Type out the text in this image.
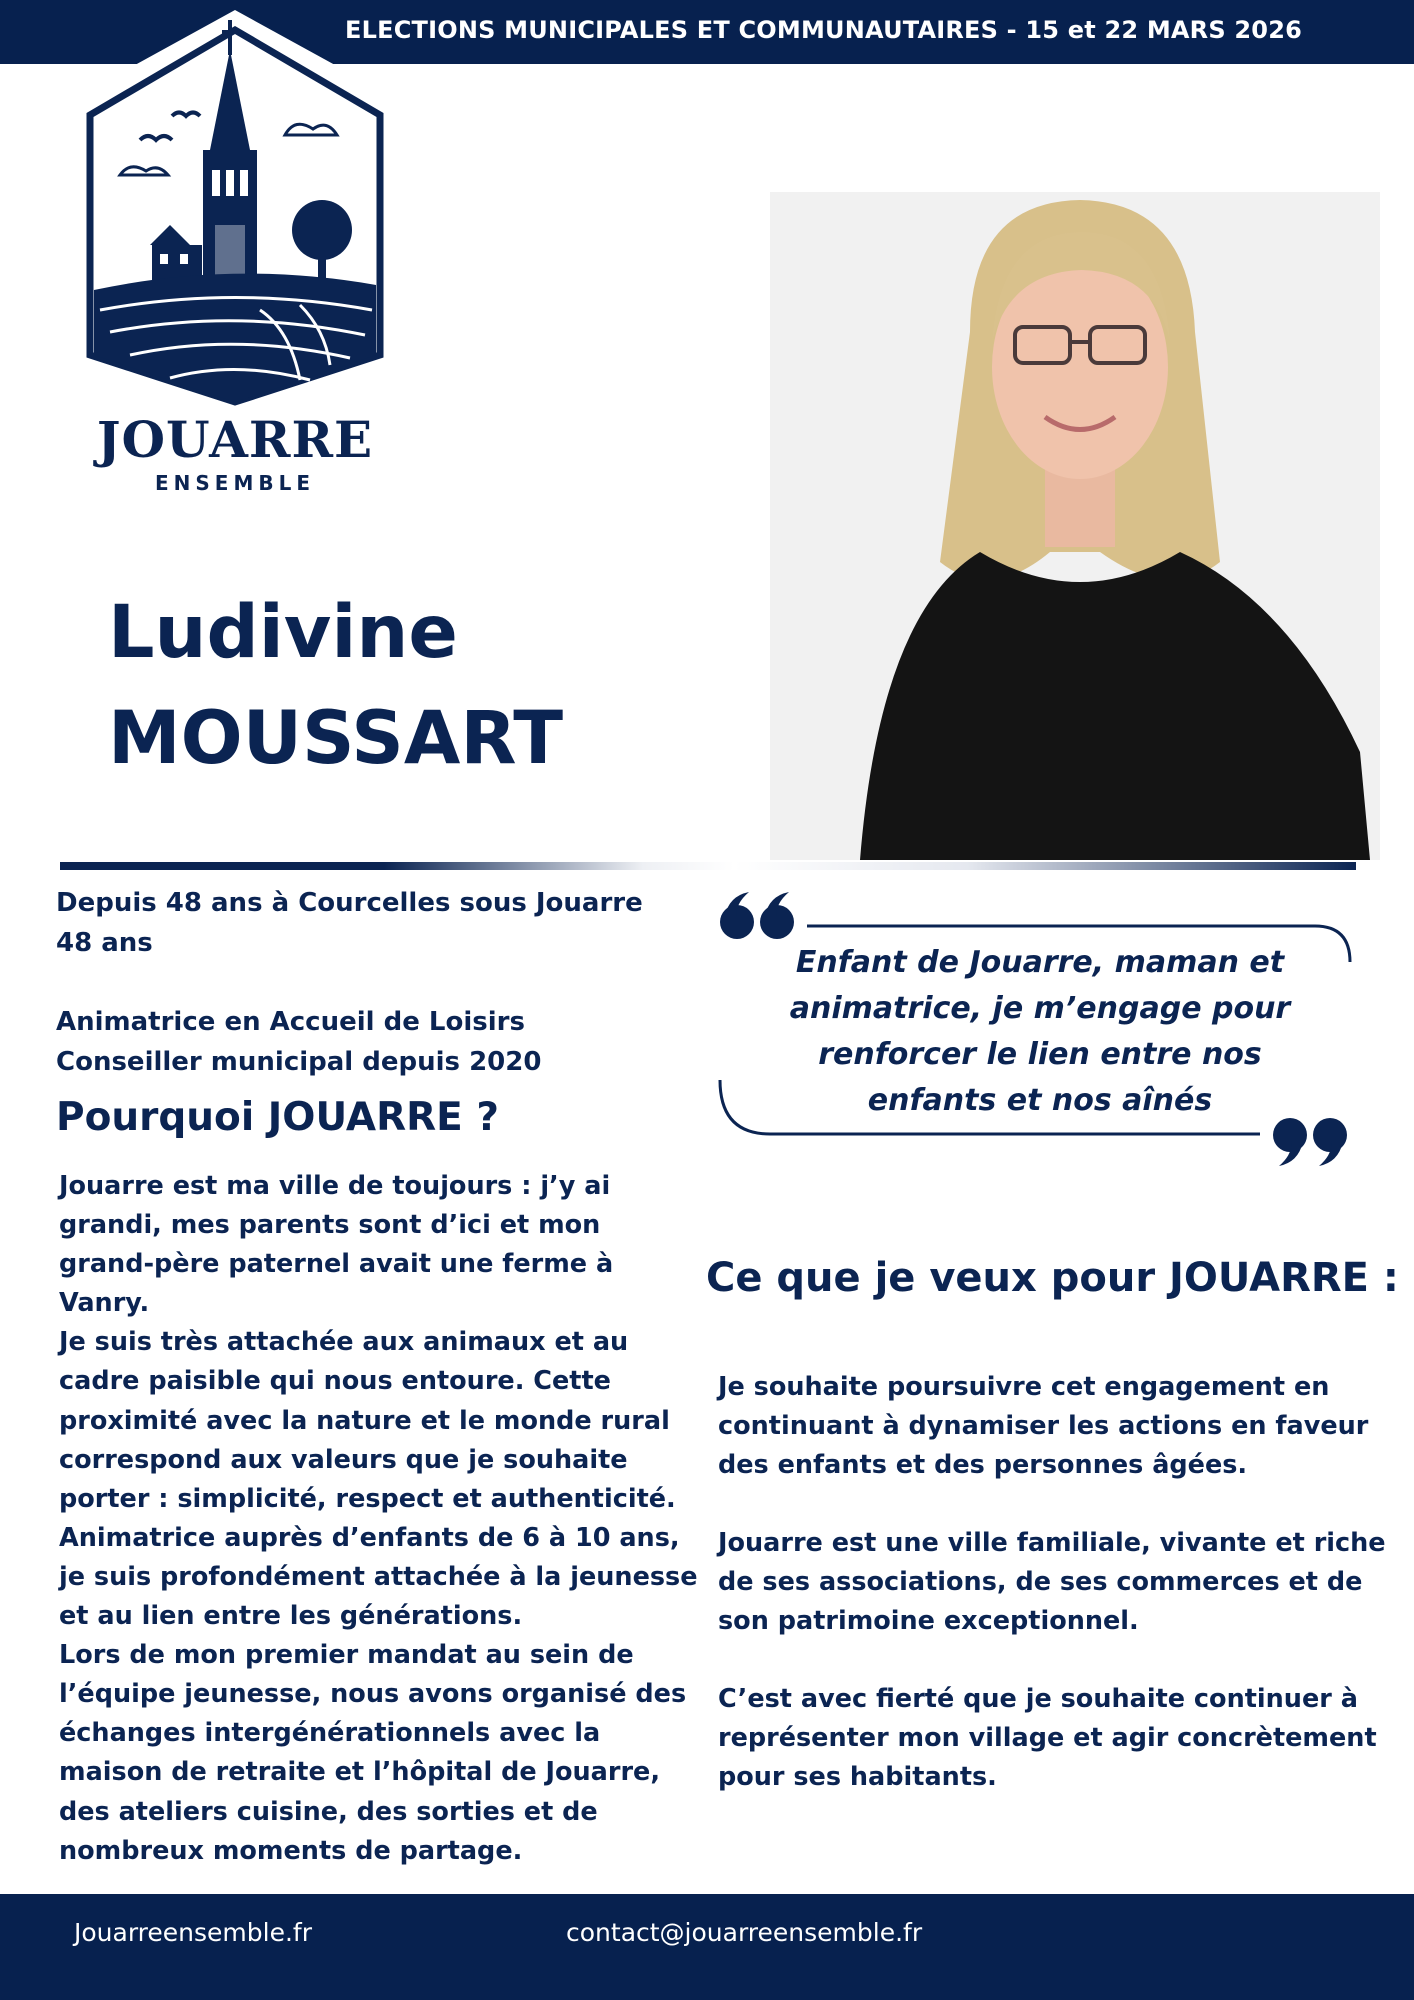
ELECTIONS MUNICIPALES ET COMMUNAUTAIRES - 15 et 22 MARS 2026
JOUARRE
ENSEMBLE
Ludivine
MOUSSART

Depuis 48 ans à Courcelles sous Jouarre

48 ans

Animatrice en Accueil de Loisirs

Conseiller municipal depuis 2020

Pourquoi JOUARRE ?
Jouarre est ma ville de toujours : j’y ai grandi, mes parents sont d’ici et mon grand-père paternel avait une ferme à Vanry.
Je suis très attachée aux animaux et au cadre paisible qui nous entoure. Cette proximité avec la nature et le monde rural correspond aux valeurs que je souhaite porter : simplicité, respect et authenticité.
Animatrice auprès d’enfants de 6 à 10 ans, je suis profondément attachée à la jeunesse et au lien entre les générations.
Lors de mon premier mandat au sein de l’équipe jeunesse, nous avons organisé des échanges intergénérationnels avec la maison de retraite et l’hôpital de Jouarre, des ateliers cuisine, des sorties et de nombreux moments de partage.
Enfant de Jouarre, maman et animatrice, je m’engage pour renforcer le lien entre nos enfants et nos aînés
Ce que je veux pour JOUARRE :

Je souhaite poursuivre cet engagement en continuant à dynamiser les actions en faveur des enfants et des personnes âgées.

Jouarre est une ville familiale, vivante et riche de ses associations, de ses commerces et de son patrimoine exceptionnel.

C’est avec fierté que je souhaite continuer à représenter mon village et agir concrètement pour ses habitants.

Jouarreensemble.fr	contact@jouarreensemble.fr
